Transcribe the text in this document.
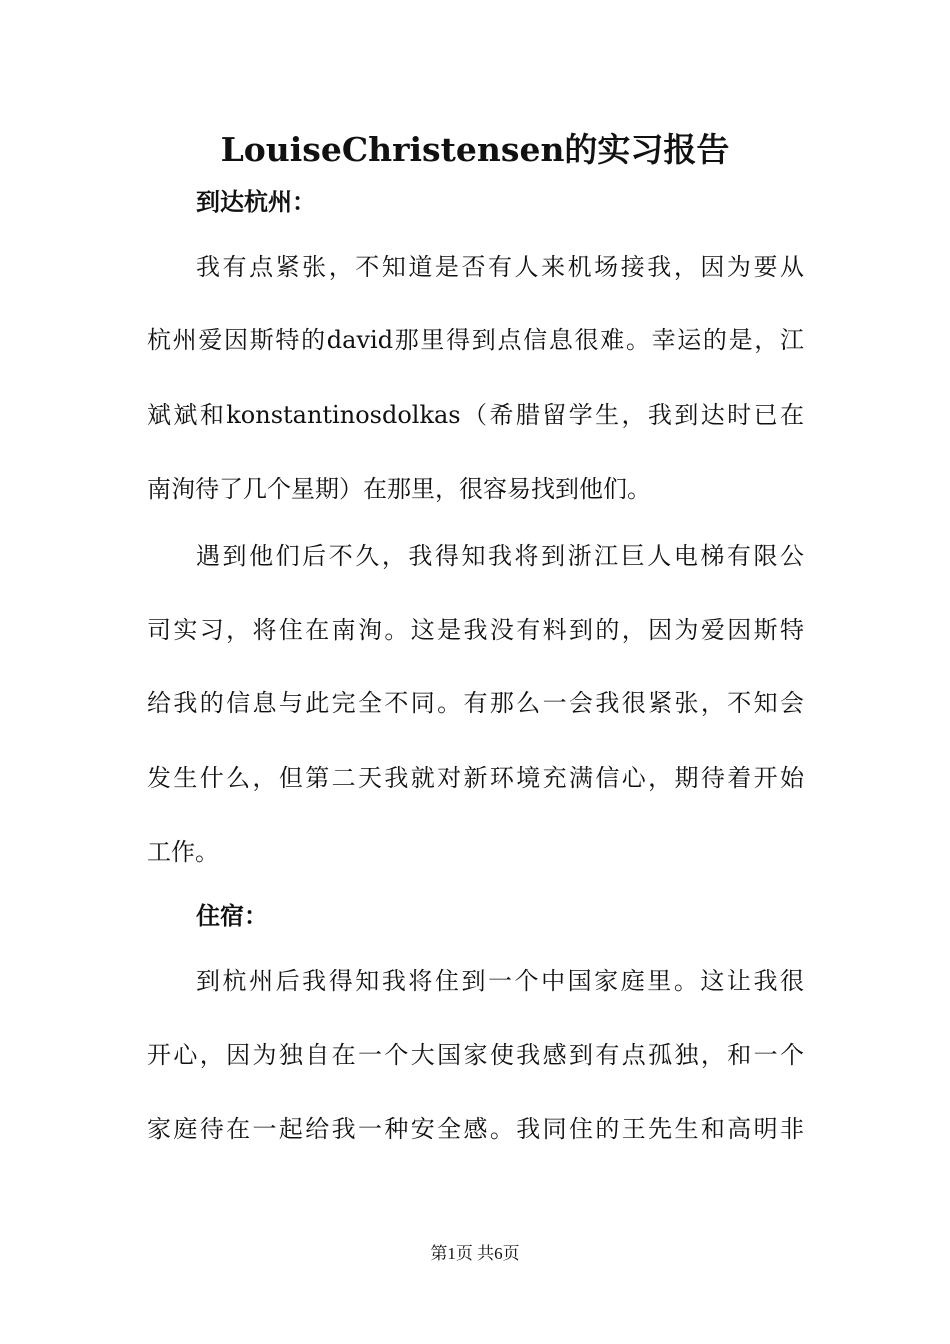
LouiseChristensen的实习报告
到达杭州：
我有点紧张，不知道是否有人来机场接我，因为要从
杭州爱因斯特的david那里得到点信息很难。幸运的是，江
斌斌和konstantinosdolkas（希腊留学生，我到达时已在
南洵待了几个星期）在那里，很容易找到他们。
遇到他们后不久，我得知我将到浙江巨人电梯有限公
司实习，将住在南洵。这是我没有料到的，因为爱因斯特
给我的信息与此完全不同。有那么一会我很紧张，不知会
发生什么，但第二天我就对新环境充满信心，期待着开始
工作。
住宿：
到杭州后我得知我将住到一个中国家庭里。这让我很
开心，因为独自在一个大国家使我感到有点孤独，和一个
家庭待在一起给我一种安全感。我同住的王先生和高明非
第1页 共6页
